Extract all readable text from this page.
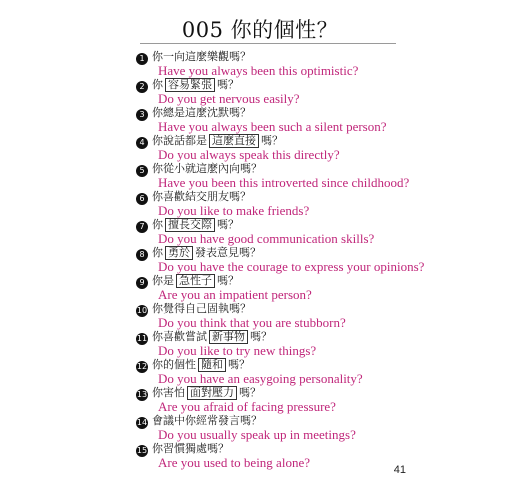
005 你的個性？
1 你一向這麼樂觀嗎？
Have you always been this optimistic?
2 你 容易緊張 嗎？
Do you get nervous easily?
3 你總是這麼沈默嗎？
Have you always been such a silent person?
4 你說話都是 這麼直接 嗎？
Do you always speak this directly?
5 你從小就這麼內向嗎？
Have you been this introverted since childhood?
6 你喜歡結交朋友嗎？
Do you like to make friends?
7 你 擅長交際 嗎？
Do you have good communication skills?
8 你 勇於 發表意見嗎？
Do you have the courage to express your opinions?
9 你是 急性子 嗎？
Are you an impatient person?
10 你覺得自己固執嗎？
Do you think that you are stubborn?
11 你喜歡嘗試 新事物 嗎？
Do you like to try new things?
12 你的個性 隨和 嗎？
Do you have an easygoing personality?
13 你害怕 面對壓力 嗎？
Are you afraid of facing pressure?
14 會議中你經常發言嗎？
Do you usually speak up in meetings?
15 你習慣獨處嗎？
Are you used to being alone?	41
